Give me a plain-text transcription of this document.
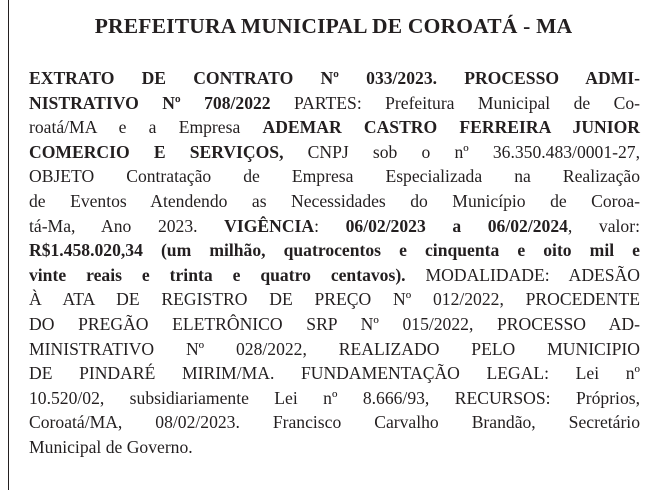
PREFEITURA MUNICIPAL DE COROATÁ - MA

EXTRATO DE CONTRATO Nº 033/2023. PROCESSO ADMI-
NISTRATIVO Nº 708/2022 PARTES: Prefeitura Municipal de Co-
roatá/MA e a Empresa ADEMAR CASTRO FERREIRA JUNIOR
COMERCIO E SERVIÇOS, CNPJ sob o nº 36.350.483/0001-27,
OBJETO Contratação de Empresa Especializada na Realização
de Eventos Atendendo as Necessidades do Município de Coroa-
tá-Ma, Ano 2023. VIGÊNCIA: 06/02/2023 a 06/02/2024, valor:
R$1.458.020,34 (um milhão, quatrocentos e cinquenta e oito mil e
vinte reais e trinta e quatro centavos). MODALIDADE: ADESÃO
À ATA DE REGISTRO DE PREÇO Nº 012/2022, PROCEDENTE
DO PREGÃO ELETRÔNICO SRP Nº 015/2022, PROCESSO AD-
MINISTRATIVO Nº 028/2022, REALIZADO PELO MUNICIPIO
DE PINDARÉ MIRIM/MA. FUNDAMENTAÇÃO LEGAL: Lei nº
10.520/02, subsidiariamente Lei nº 8.666/93, RECURSOS: Próprios,
Coroatá/MA, 08/02/2023. Francisco Carvalho Brandão, Secretário
Municipal de Governo.
